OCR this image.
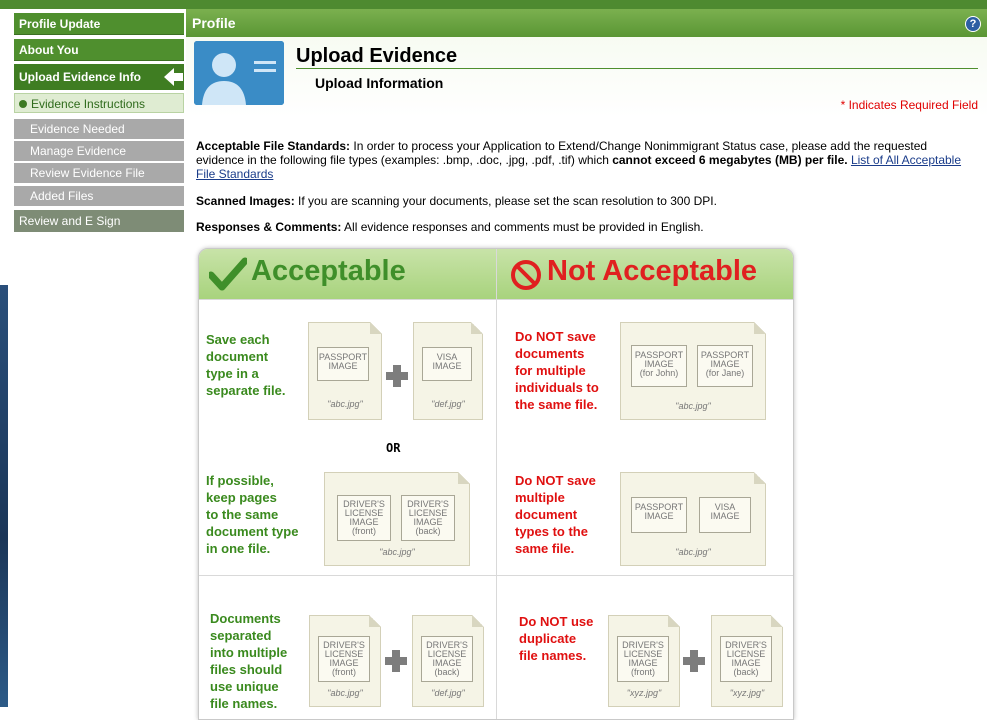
Profile Update
About You
Upload Evidence Info
Evidence Instructions
Evidence Needed
Manage Evidence
Review Evidence File
Added Files
Review and E Sign
Profile	?
Upload Evidence
Upload Information
* Indicates Required Field
Acceptable File Standards: In order to process your Application to Extend/Change Nonimmigrant Status case, please add the requested evidence in the following file types (examples: .bmp, .doc, .jpg, .pdf, .tif) which cannot exceed 6 megabytes (MB) per file. List of All Acceptable File Standards
Scanned Images: If you are scanning your documents, please set the scan resolution to 300 DPI.
Responses & Comments: All evidence responses and comments must be provided in English.
Acceptable	Not Acceptable
Save each
document
type in a
separate file.
PASSPORT
IMAGE
"abc.jpg"
VISA
IMAGE
"def.jpg"
OR
Do NOT save
documents
for multiple
individuals to
the same file.
PASSPORT
IMAGE
(for John)
PASSPORT
IMAGE
(for Jane)
"abc.jpg"
If possible,
keep pages
to the same
document type
in one file.
DRIVER'S
LICENSE
IMAGE
(front)
DRIVER'S
LICENSE
IMAGE
(back)
"abc.jpg"
Do NOT save
multiple
document
types to the
same file.
PASSPORT
IMAGE
VISA
IMAGE
"abc.jpg"
Documents
separated
into multiple
files should
use unique
file names.
DRIVER'S
LICENSE
IMAGE
(front)
"abc.jpg"
DRIVER'S
LICENSE
IMAGE
(back)
"def.jpg"
Do NOT use
duplicate
file names.
DRIVER'S
LICENSE
IMAGE
(front)
"xyz.jpg"
DRIVER'S
LICENSE
IMAGE
(back)
"xyz.jpg"
